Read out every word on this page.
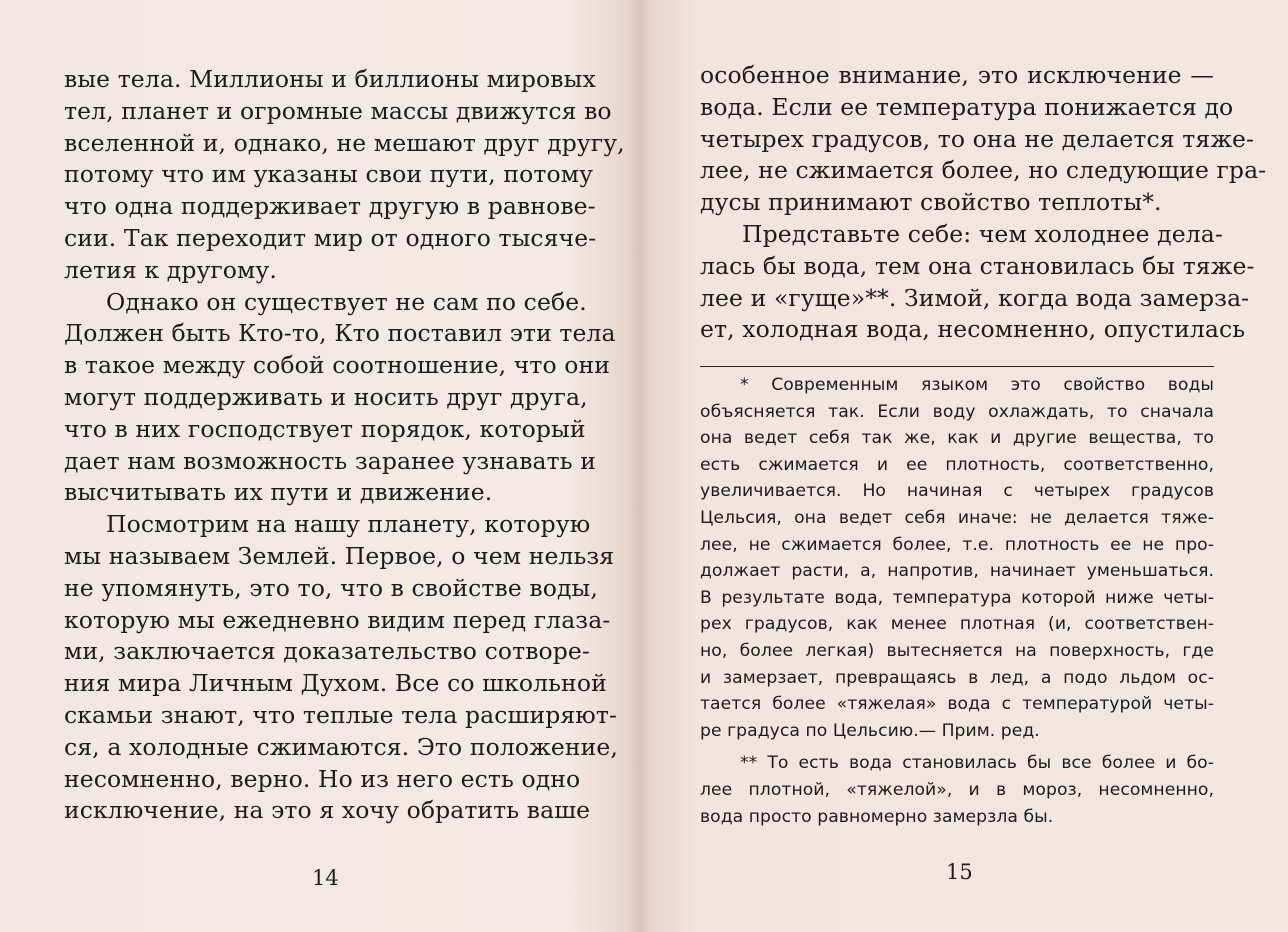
вые тела. Миллионы и биллионы мировых
тел, планет и огромные массы движутся во
вселенной и, однако, не мешают друг другу,
потому что им указаны свои пути, потому
что одна поддерживает другую в равнове-
сии. Так переходит мир от одного тысяче-
летия к другому.
Однако он существует не сам по себе.
Должен быть Кто-то, Кто поставил эти тела
в такое между собой соотношение, что они
могут поддерживать и носить друг друга,
что в них господствует порядок, который
дает нам возможность заранее узнавать и
высчитывать их пути и движение.
Посмотрим на нашу планету, которую
мы называем Землей. Первое, о чем нельзя
не упомянуть, это то, что в свойстве воды,
которую мы ежедневно видим перед глаза-
ми, заключается доказательство сотворе-
ния мира Личным Духом. Все со школьной
скамьи знают, что теплые тела расширяют-
ся, а холодные сжимаются. Это положение,
несомненно, верно. Но из него есть одно
исключение, на это я хочу обратить ваше
14
особенное внимание, это исключение —
вода. Если ее температура понижается до
четырех градусов, то она не делается тяже-
лее, не сжимается более, но следующие гра-
дусы принимают свойство теплоты*.
Представьте себе: чем холоднее дела-
лась бы вода, тем она становилась бы тяже-
лее и «гуще»**. Зимой, когда вода замерза-
ет, холодная вода, несомненно, опустилась
* Современным языком это свойство воды
объясняется так. Если воду охлаждать, то сначала
она ведет себя так же, как и другие вещества, то
есть сжимается и ее плотность, соответственно,
увеличивается. Но начиная с четырех градусов
Цельсия, она ведет себя иначе: не делается тяже-
лее, не сжимается более, т.е. плотность ее не про-
должает расти, а, напротив, начинает уменьшаться.
В результате вода, температура которой ниже четы-
рех градусов, как менее плотная (и, соответствен-
но, более легкая) вытесняется на поверхность, где
и замерзает, превращаясь в лед, а подо льдом ос-
тается более «тяжелая» вода с температурой четы-
ре градуса по Цельсию.— Прим. ред.
** То есть вода становилась бы все более и бо-
лее плотной, «тяжелой», и в мороз, несомненно,
вода просто равномерно замерзла бы.
15
